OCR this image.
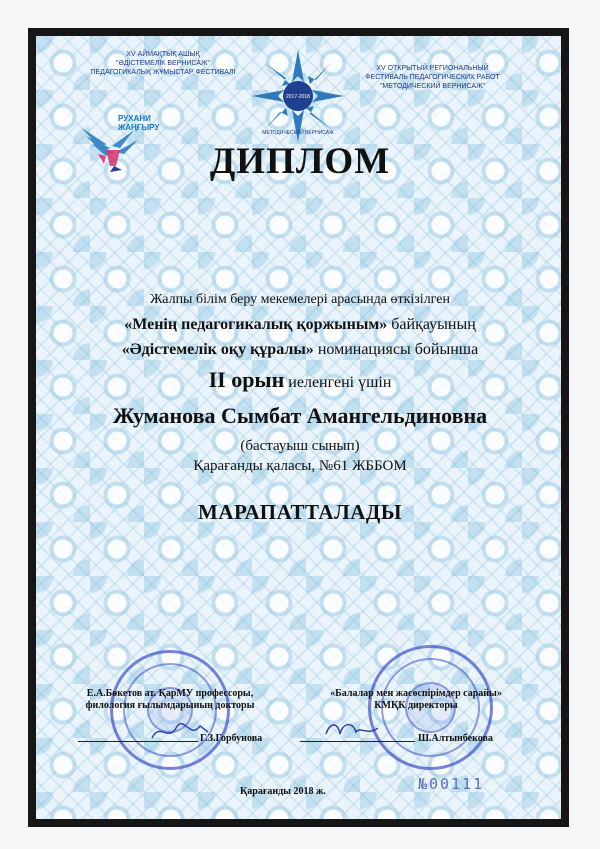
XV АЙМАҚТЫҚ АШЫҚ
"ӘДІСТЕМЕЛІК ВЕРНИСАЖ"
ПЕДАГОГИКАЛЫҚ ЖҰМЫСТАР ФЕСТИВАЛІ
2017-2018
МЕТОДИЧЕСКИЙ ВЕРНИСАЖ
XV ОТКРЫТЫЙ РЕГИОНАЛЬНЫЙ
ФЕСТИВАЛЬ ПЕДАГОГИЧЕСКИХ РАБОТ
"МЕТОДИЧЕСКИЙ ВЕРНИСАЖ"
РУХАНИ
ЖАҢҒЫРУ
ДИПЛОМ
Жалпы білім беру мекемелері арасында өткізілген
«Менің педагогикалық қоржыным» байқауының
«Әдістемелік оқу құралы» номинациясы бойынша
II орын иеленгені үшін
Жуманова Сымбат Амангельдиновна
(бастауыш сынып)
Қарағанды қаласы, №61 ЖББОМ
МАРАПАТТАЛАДЫ
Е.А.Бөкетов ат. ҚарМУ профессоры,
филология ғылымдарының докторы
«Балалар мен жасөспірімдер сарайы»
КМҚК директоры
Г.З.Горбунова	Ш.Алтынбекова
Қарағанды 2018 ж.	№00111
